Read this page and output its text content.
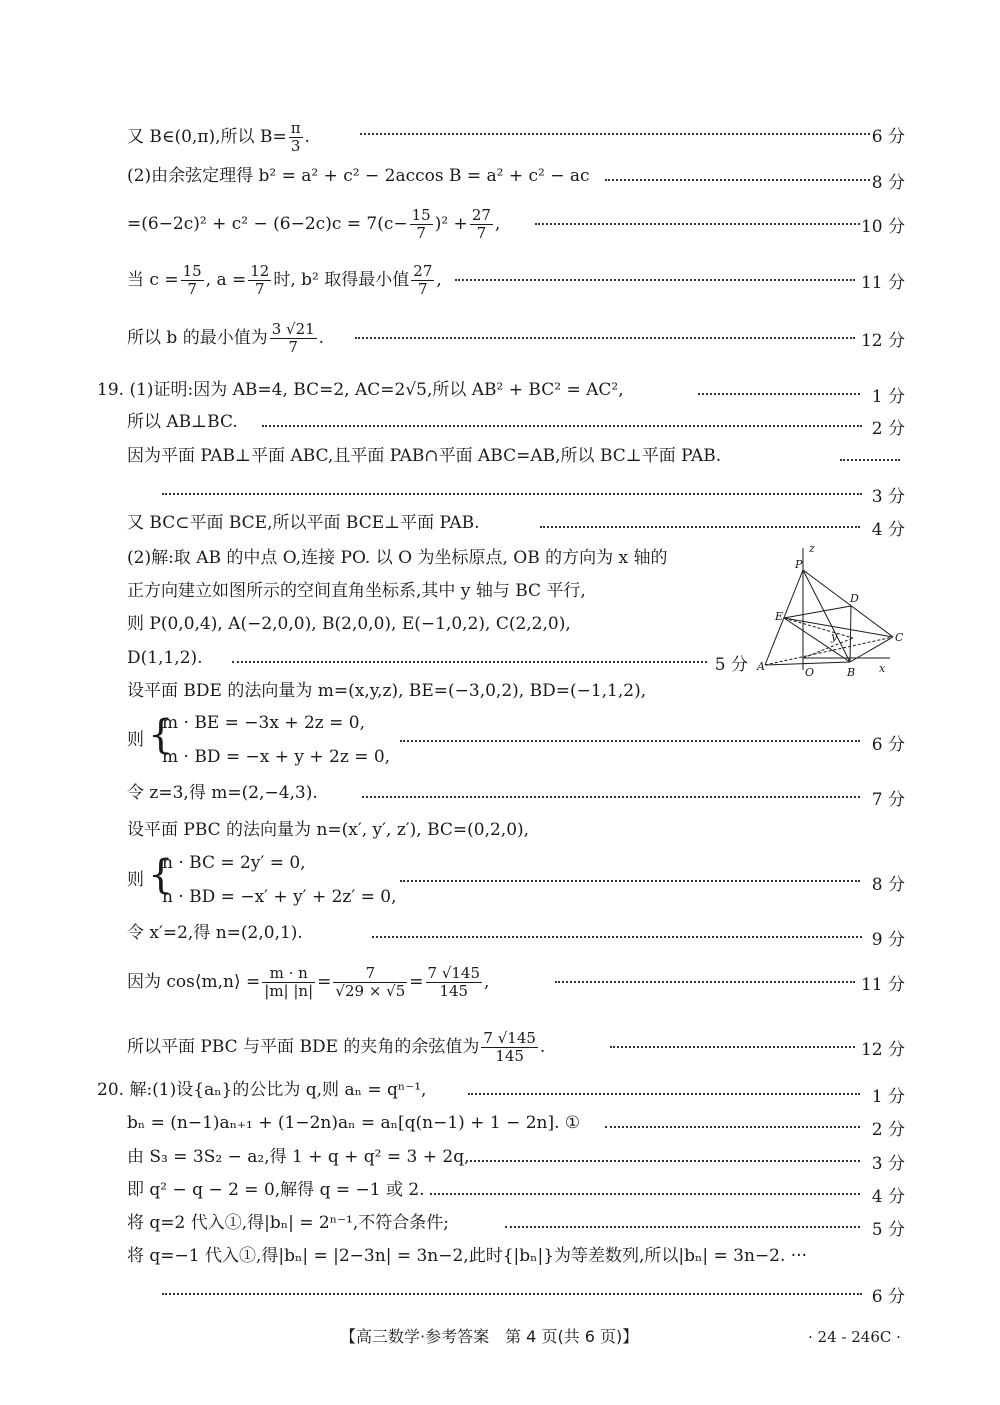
又 B∈(0,π),所以 $B= \frac{\pi}{3}$ .	6 分
(2)由余弦定理得 b² = a² + c² − 2accos B = a² + c² − ac	8 分
$=(6-2c)^2 + c^2 - (6-2c)c = 7(c- \frac{15}{7} )^2 + \frac{27}{7}$ ,	10 分
当 $c = \frac{15}{7}$ , $a = \frac{12}{7}$ 时, b² 取得最小值 $\frac{27}{7}$ ,	11 分
所以 b 的最小值为 $\frac{3 √21}{7}$ .	12 分
19. (1)证明:因为 AB=4, BC=2, AC=2√5,所以 AB² + BC² = AC²,	1 分
所以 AB⊥BC.	2 分
因为平面 PAB⊥平面 ABC,且平面 PAB∩平面 ABC=AB,所以 BC⊥平面 PAB.
3 分
又 BC⊂平面 BCE,所以平面 BCE⊥平面 PAB.	4 分
(2)解:取 AB 的中点 O,连接 PO. 以 O 为坐标原点, OB 的方向为 x 轴的
正方向建立如图所示的空间直角坐标系,其中 y 轴与 BC 平行,
则 P(0,0,4), A(−2,0,0), B(2,0,0), E(−1,0,2), C(2,2,0),
D(1,1,2).	5 分
z
P
D
E
y	C
A	O	B x
设平面 BDE 的法向量为 m=(x,y,z), BE=(−3,0,2), BD=(−1,1,2),
则 {
m · BE = −3x + 2z = 0,
m · BD = −x + y + 2z = 0,
6 分
令 z=3,得 m=(2,−4,3).	7 分
设平面 PBC 的法向量为 n=(x′, y′, z′), BC=(0,2,0),
则 {
n · BC = 2y′ = 0,
n · BD = −x′ + y′ + 2z′ = 0,
8 分
令 x′=2,得 n=(2,0,1).	9 分
因为 cos⟨m,n⟩ = $\frac{m \cdot n}{|m| |n|} = \frac{7}{√29 \times √5} = \frac{7 √145}{145}$ ,	11 分
所以平面 PBC 与平面 BDE 的夹角的余弦值为 $\frac{7 √145}{145}$ .	12 分
20. 解:(1)设{aₙ}的公比为 q,则 aₙ = qⁿ⁻¹,	1 分
bₙ = (n−1)aₙ₊₁ + (1−2n)aₙ = aₙ[q(n−1) + 1 − 2n]. ①	2 分
由 S₃ = 3S₂ − a₂,得 1 + q + q² = 3 + 2q,	3 分
即 q² − q − 2 = 0,解得 q = −1 或 2.	4 分
将 q=2 代入①,得|bₙ| = 2ⁿ⁻¹,不符合条件;	5 分
将 q=−1 代入①,得|bₙ| = |2−3n| = 3n−2,此时{|bₙ|}为等差数列,所以|bₙ| = 3n−2. ···
6 分
【高三数学·参考答案　第 4 页(共 6 页)】	· 24 - 246C ·
